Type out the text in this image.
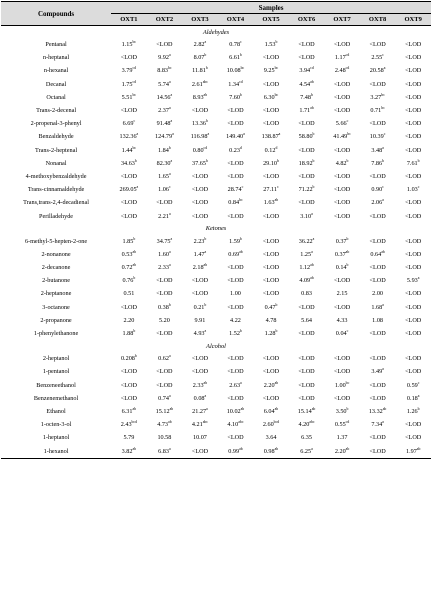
Compounds	Samples								
	OXT1	OXT2	OXT3	OXT4	OXT5	OXT6	OXT7	OXT8	OXT9
Aldehydes									
Pentanal	1.15$^{bc}$	<LOD	2.82$^a$	0.78$^c$	1.53$^b$	<LOD	<LOD	<LOD	<LOD
n-heptanal	<LOD	9.92$^a$	8.07$^b$	6.61$^b$	<LOD	<LOD	1.17$^{cd}$	2.55$^c$	<LOD
n-hexanal	3.79$^{cd}$	8.83$^{bc}$	11.81$^b$	10.08$^{bc}$	9.25$^{bc}$	3.94$^{cd}$	2.48$^{cd}$	20.58$^a$	<LOD
Decanal	1.75$^{cd}$	5.74$^a$	2.61$^{abc}$	1.34$^{cd}$	<LOD	4.54$^{ab}$	<LOD	<LOD	<LOD
Octanal	5.51$^{bc}$	14.56$^a$	8.93$^{ab}$	7.60$^b$	6.30$^{bc}$	7.48$^b$	<LOD	3.27$^{bc}$	<LOD
Trans-2-decenal	<LOD	2.37$^a$	<LOD	<LOD	<LOD	1.71$^{ab}$	<LOD	0.71$^{bc}$	<LOD
2-propenal-3-phenyl	6.69$^c$	91.48$^a$	13.36$^b$	<LOD	<LOD	<LOD	5.66$^c$	<LOD	<LOD
Benzaldehyde	132.36$^a$	124.79$^a$	116.98$^a$	149.40$^a$	138.87$^a$	58.80$^b$	41.49$^{bc}$	10.39$^c$	<LOD
Trans-2-heptenal	1.44$^{bc}$	1.84$^b$	0.80$^{cd}$	0.23$^d$	0.12$^d$	<LOD	<LOD	3.48$^a$	<LOD
Nonanal	34.63$^b$	82.30$^a$	37.65$^b$	<LOD	29.10$^b$	18.92$^b$	4.82$^b$	7.86$^b$	7.61$^b$
4-methoxybenzaldehyde	<LOD	1.65$^a$	<LOD	<LOD	<LOD	<LOD	<LOD	<LOD	<LOD
Trans-cinnamaldehyde	269.05$^a$	1.06$^c$	<LOD	28.74$^c$	27.11$^c$	71.22$^b$	<LOD	0.90$^c$	1.03$^c$
Trans,trans-2,4-decadienal	<LOD	<LOD	<LOD	0.84$^{bc}$	1.63$^{ab}$	<LOD	<LOD	2.06$^a$	<LOD
Perilladehyde	<LOD	2.21$^a$	<LOD	<LOD	<LOD	3.10$^a$	<LOD	<LOD	<LOD
Ketones									
6-methyl-5-hepten-2-one	1.85$^b$	34.75$^a$	2.23$^b$	1.59$^b$	<LOD	36.22$^a$	0.37$^b$	<LOD	<LOD
2-nonanone	0.53$^{ab}$	1.60$^a$	1.47$^a$	0.69$^{ab}$	<LOD	1.25$^a$	0.37$^{ab}$	0.64$^{ab}$	<LOD
2-decanone	0.72$^{ab}$	2.33$^a$	2.18$^{ab}$	<LOD	<LOD	1.12$^{ab}$	0.14$^b$	<LOD	<LOD
2-butanone	0.76$^b$	<LOD	<LOD	<LOD	<LOD	4.09$^{ab}$	<LOD	<LOD	5.93$^a$
2-heptanone	0.51	<LOD	<LOD	1.00	<LOD	0.83	2.15	2.00	<LOD
3-octanone	<LOD	0.38$^b$	0.21$^b$	<LOD	0.47$^b$	<LOD	<LOD	1.68$^a$	<LOD
2-propanone	2.20	5.20	9.91	4.22	4.78	5.64	4.33	1.08	<LOD
1-phenylethanone	1.88$^b$	<LOD	4.93$^a$	1.52$^b$	1.28$^b$	<LOD	0.04$^c$	<LOD	<LOD
Alcohol									
2-heptanol	0.208$^b$	0.62$^a$	<LOD	<LOD	<LOD	<LOD	<LOD	<LOD	<LOD
1-pentanol	<LOD	<LOD	<LOD	<LOD	<LOD	<LOD	<LOD	3.49$^a$	<LOD
Benzeneethanol	<LOD	<LOD	2.33$^{ab}$	2.63$^a$	2.20$^{ab}$	<LOD	1.00$^{bc}$	<LOD	0.59$^c$
Benzenemethanol	<LOD	0.74$^a$	0.08$^a$	<LOD	<LOD	<LOD	<LOD	<LOD	0.18$^a$
Ethanol	6.31$^{ab}$	15.12$^{ab}$	21.27$^a$	10.02$^{ab}$	6.04$^{ab}$	15.14$^{ab}$	3.50$^b$	13.32$^{ab}$	1.26$^b$
1-octen-3-ol	2.43$^{bcd}$	4.73$^{ab}$	4.21$^{abc}$	4.10$^{abc}$	2.60$^{bcd}$	4.20$^{abc}$	0.55$^{cd}$	7.34$^a$	<LOD
1-heptanol	5.79	10.58	10.07	<LOD	3.64	6.35	1.37	<LOD	<LOD
1-hexanol	3.82$^{ab}$	6.83$^a$	<LOD	0.99$^{ab}$	0.98$^{ab}$	6.25$^a$	2.20$^{ab}$	<LOD	1.97$^{ab}$
